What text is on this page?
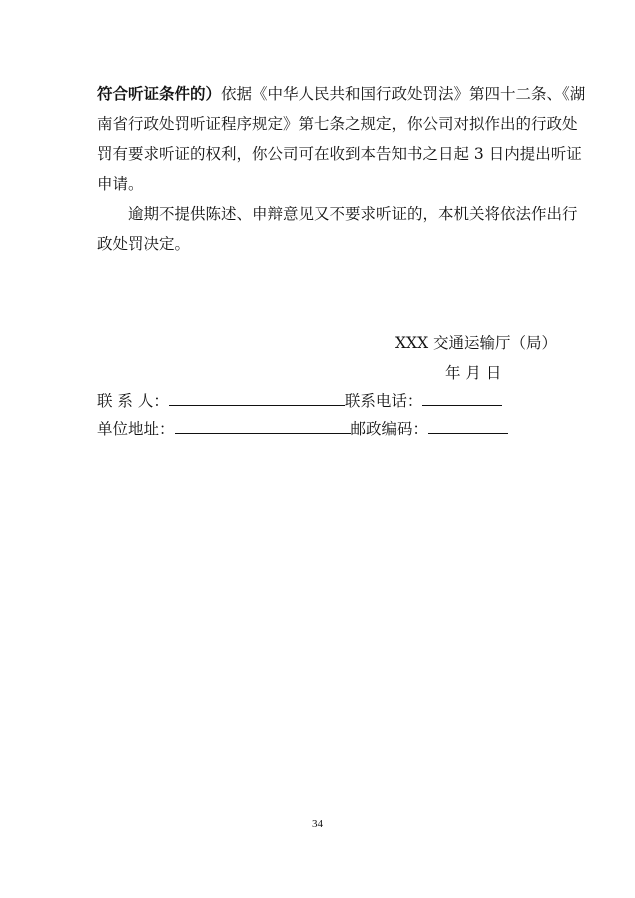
符合听证条件的）依据《中华人民共和国行政处罚法》第四十二条、《湖
南省行政处罚听证程序规定》第七条之规定，你公司对拟作出的行政处
罚有要求听证的权利，你公司可在收到本告知书之日起 3 日内提出听证
申请。
逾期不提供陈述、申辩意见又不要求听证的，本机关将依法作出行
政处罚决定。
XXX 交通运输厅（局）
年 月 日
联 系 人：	联系电话：
单位地址：	邮政编码：
34
